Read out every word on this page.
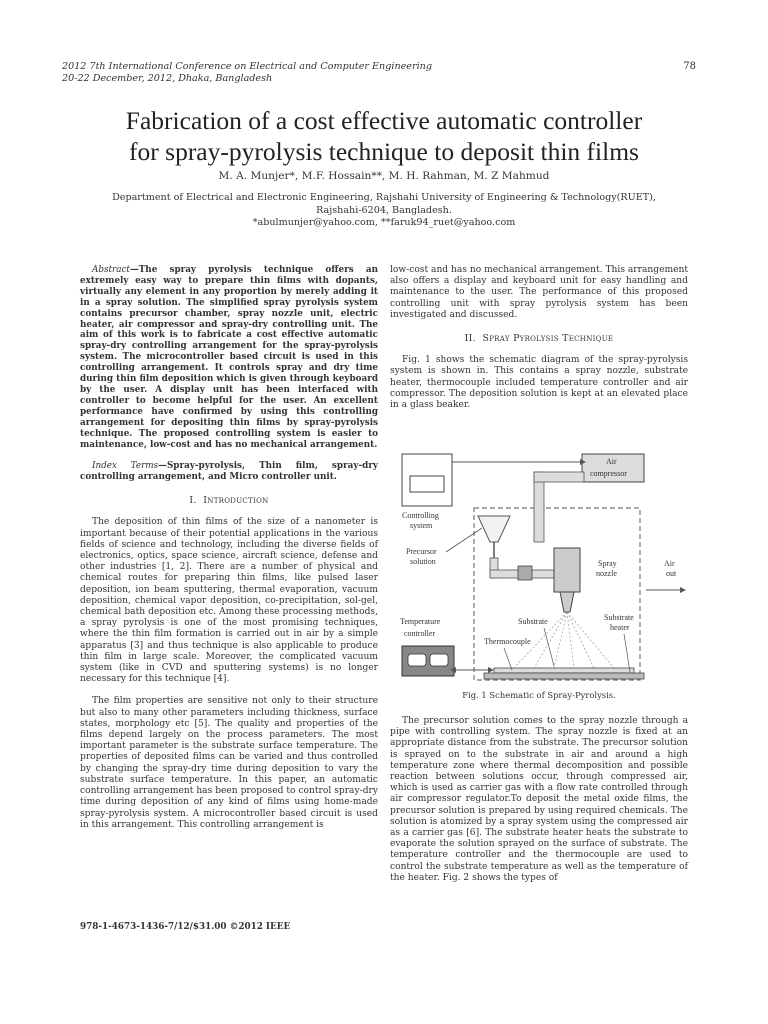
2012 7th International Conference on Electrical and Computer Engineering
20-22 December, 2012, Dhaka, Bangladesh
78
Fabrication of a cost effective automatic controller
for spray-pyrolysis technique to deposit thin films
M. A. Munjer*, M.F. Hossain**, M. H. Rahman, M. Z Mahmud
Department of Electrical and Electronic Engineering, Rajshahi University of Engineering & Technology(RUET),
Rajshahi-6204, Bangladesh.
*abulmunjer@yahoo.com, **faruk94_ruet@yahoo.com

Abstract—The spray pyrolysis technique offers an extremely easy way to prepare thin films with dopants, virtually any element in any proportion by merely adding it in a spray solution. The simplified spray pyrolysis system contains precursor chamber, spray nozzle unit, electric heater, air compressor and spray-dry controlling unit. The aim of this work is to fabricate a cost effective automatic spray-dry controlling arrangement for the spray-pyrolysis system. The microcontroller based circuit is used in this controlling arrangement. It controls spray and dry time during thin film deposition which is given through keyboard by the user. A display unit has been interfaced with controller to become helpful for the user. An excellent performance have confirmed by using this controlling arrangement for depositing thin films by spray-pyrolysis technique. The proposed controlling system is easier to maintenance, low-cost and has no mechanical arrangement.

Index Terms—Spray-pyrolysis, Thin film, spray-dry controlling arrangement, and Micro controller unit.

I. Introduction

The deposition of thin films of the size of a nanometer is important because of their potential applications in the various fields of science and technology, including the diverse fields of electronics, optics, space science, aircraft science, defense and other industries [1, 2]. There are a number of physical and chemical routes for preparing thin films, like pulsed laser deposition, ion beam sputtering, thermal evaporation, vacuum deposition, chemical vapor deposition, co-precipitation, sol-gel, chemical bath deposition etc. Among these processing methods, a spray pyrolysis is one of the most promising techniques, where the thin film formation is carried out in air by a simple apparatus [3] and thus technique is also applicable to produce thin film in large scale. Moreover, the complicated vacuum system (like in CVD and sputtering systems) is no longer necessary for this technique [4].

The film properties are sensitive not only to their structure but also to many other parameters including thickness, surface states, morphology etc [5]. The quality and properties of the films depend largely on the process parameters. The most important parameter is the substrate surface temperature. The properties of deposited films can be varied and thus controlled by changing the spray-dry time during deposition to vary the substrate surface temperature. In this paper, an automatic controlling arrangement has been proposed to control spray-dry time during deposition of any kind of films using home-made spray-pyrolysis system. A microcontroller based circuit is used in this arrangement. This controlling arrangement is

low-cost and has no mechanical arrangement. This arrangement also offers a display and keyboard unit for easy handling and maintenance to the user. The performance of this proposed controlling unit with spray pyrolysis system has been investigated and discussed.

II. Spray Pyrolysis Technique

Fig. 1 shows the schematic diagram of the spray-pyrolysis system is shown in. This contains a spray nozzle, substrate heater, thermocouple included temperature controller and air compressor. The deposition solution is kept at an elevated place in a glass beaker.

Controlling
system
Air
compressor
Precursor
solution	Spray
nozzle
Air
out
Substrate	Substrate
heater
Thermocouple
Temperature
controller
Fig. 1 Schematic of Spray-Pyrolysis.

The precursor solution comes to the spray nozzle through a pipe with controlling system. The spray nozzle is fixed at an appropriate distance from the substrate. The precursor solution is sprayed on to the substrate in air and around a high temperature zone where thermal decomposition and possible reaction between solutions occur, through compressed air, which is used as carrier gas with a flow rate controlled through air compressor regulator.To deposit the metal oxide films, the precursor solution is prepared by using required chemicals. The solution is atomized by a spray system using the compressed air as a carrier gas [6]. The substrate heater heats the substrate to evaporate the solution sprayed on the surface of substrate. The temperature controller and the thermocouple are used to control the substrate temperature as well as the temperature of the heater. Fig. 2 shows the types of

978-1-4673-1436-7/12/$31.00 ©2012 IEEE
